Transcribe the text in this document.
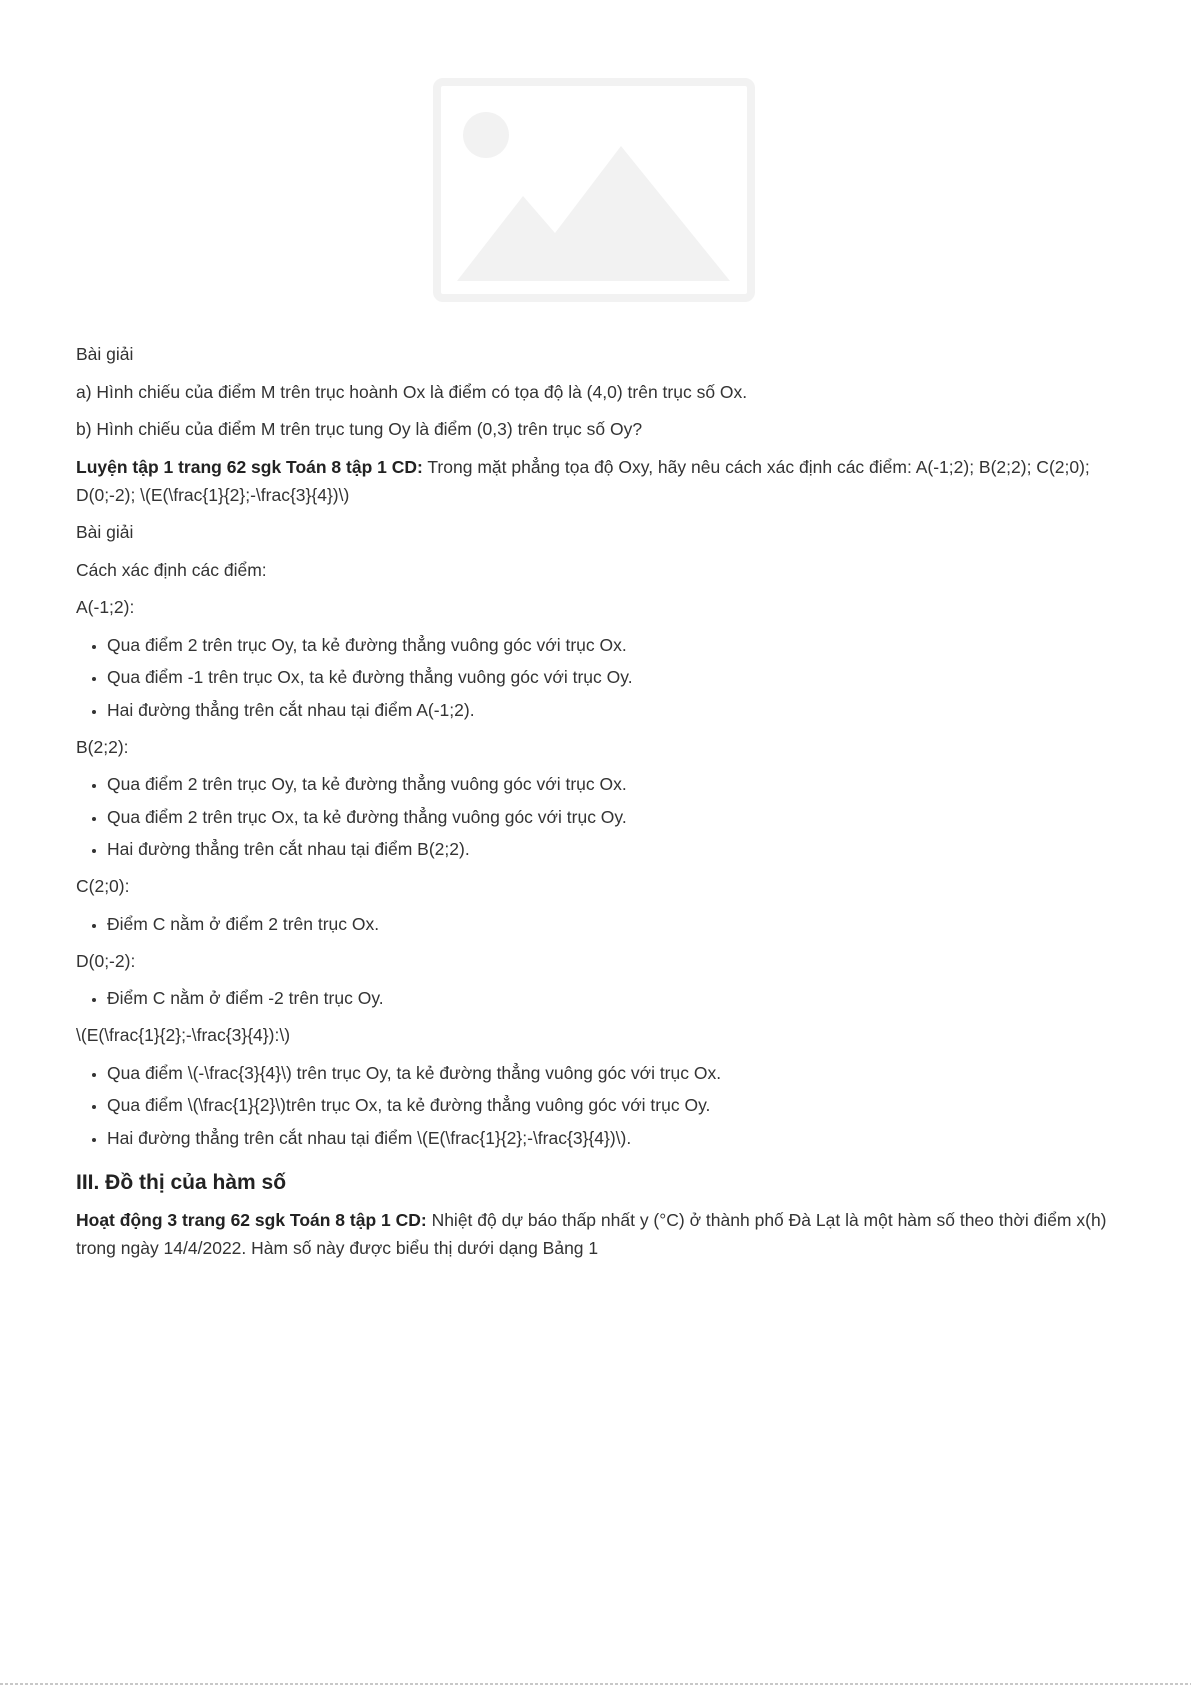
Bài giải

a) Hình chiếu của điểm M trên trục hoành Ox là điểm có tọa độ là (4,0) trên trục số Ox.

b) Hình chiếu của điểm M trên trục tung Oy là điểm (0,3) trên trục số Oy?

Luyện tập 1 trang 62 sgk Toán 8 tập 1 CD: Trong mặt phẳng tọa độ Oxy, hãy nêu cách xác định các điểm: A(-1;2); B(2;2); C(2;0); D(0;-2); \(E(\frac{1}{2};-\frac{3}{4})\)

Bài giải

Cách xác định các điểm:

A(-1;2):

• Qua điểm 2 trên trục Oy, ta kẻ đường thẳng vuông góc với trục Ox.
• Qua điểm -1 trên trục Ox, ta kẻ đường thẳng vuông góc với trục Oy.
• Hai đường thẳng trên cắt nhau tại điểm A(-1;2).

B(2;2):

• Qua điểm 2 trên trục Oy, ta kẻ đường thẳng vuông góc với trục Ox.
• Qua điểm 2 trên trục Ox, ta kẻ đường thẳng vuông góc với trục Oy.
• Hai đường thẳng trên cắt nhau tại điểm B(2;2).

C(2;0):

• Điểm C nằm ở điểm 2 trên trục Ox.

D(0;-2):

• Điểm C nằm ở điểm -2 trên trục Oy.

\(E(\frac{1}{2};-\frac{3}{4}):\)

• Qua điểm \(-\frac{3}{4}\) trên trục Oy, ta kẻ đường thẳng vuông góc với trục Ox.
• Qua điểm \(\frac{1}{2}\)trên trục Ox, ta kẻ đường thẳng vuông góc với trục Oy.
• Hai đường thẳng trên cắt nhau tại điểm \(E(\frac{1}{2};-\frac{3}{4})\).
III. Đồ thị của hàm số

Hoạt động 3 trang 62 sgk Toán 8 tập 1 CD: Nhiệt độ dự báo thấp nhất y (°C) ở thành phố Đà Lạt là một hàm số theo thời điểm x(h) trong ngày 14/4/2022. Hàm số này được biểu thị dưới dạng Bảng 1
